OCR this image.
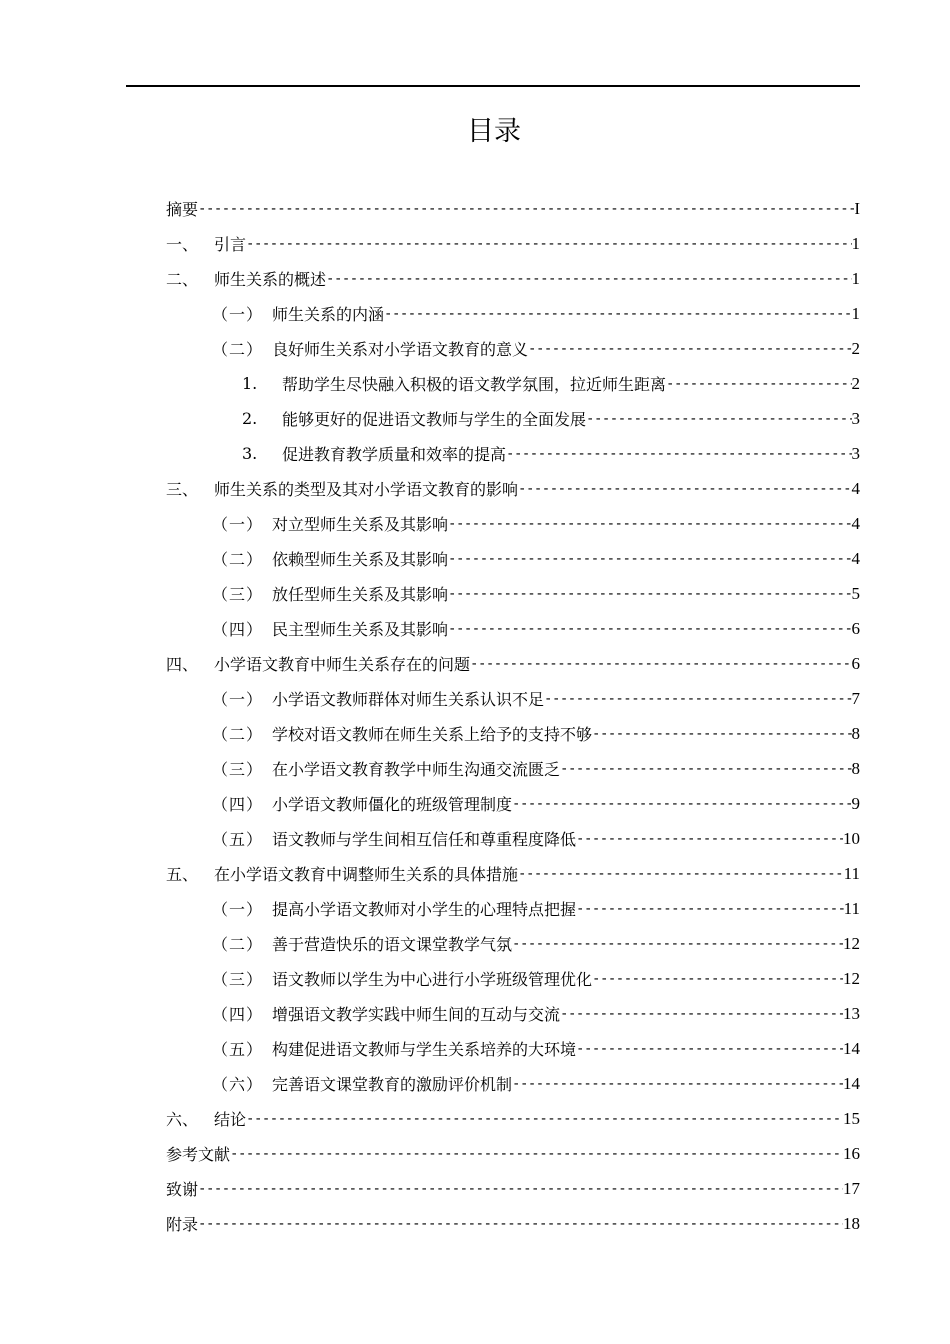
目录
摘要 -----	I
一、 引言 -----	1
二、 师生关系的概述 -----	1
（一） 师生关系的内涵 -----	1
（二） 良好师生关系对小学语文教育的意义 -----	2
1.	帮助学生尽快融入积极的语文教学氛围，拉近师生距离 -----	2
2.	能够更好的促进语文教师与学生的全面发展 -----	3
3.	促进教育教学质量和效率的提高 -----	3
三、 师生关系的类型及其对小学语文教育的影响 -----	4
（一） 对立型师生关系及其影响 -----	4
（二） 依赖型师生关系及其影响 -----	4
（三） 放任型师生关系及其影响 -----	5
（四） 民主型师生关系及其影响 -----	6
四、 小学语文教育中师生关系存在的问题 -----	6
（一） 小学语文教师群体对师生关系认识不足 -----	7
（二） 学校对语文教师在师生关系上给予的支持不够 -----	8
（三） 在小学语文教育教学中师生沟通交流匮乏 -----	8
（四） 小学语文教师僵化的班级管理制度 -----	9
（五） 语文教师与学生间相互信任和尊重程度降低 -----	10
五、 在小学语文教育中调整师生关系的具体措施 -----	11
（一） 提高小学语文教师对小学生的心理特点把握 -----	11
（二） 善于营造快乐的语文课堂教学气氛 -----	12
（三） 语文教师以学生为中心进行小学班级管理优化 -----	12
（四） 增强语文教学实践中师生间的互动与交流 -----	13
（五） 构建促进语文教师与学生关系培养的大环境 -----	14
（六） 完善语文课堂教育的激励评价机制 -----	14
六、 结论 -----	15
参考文献 -----	16
致谢 -----	17
附录 -----	18
